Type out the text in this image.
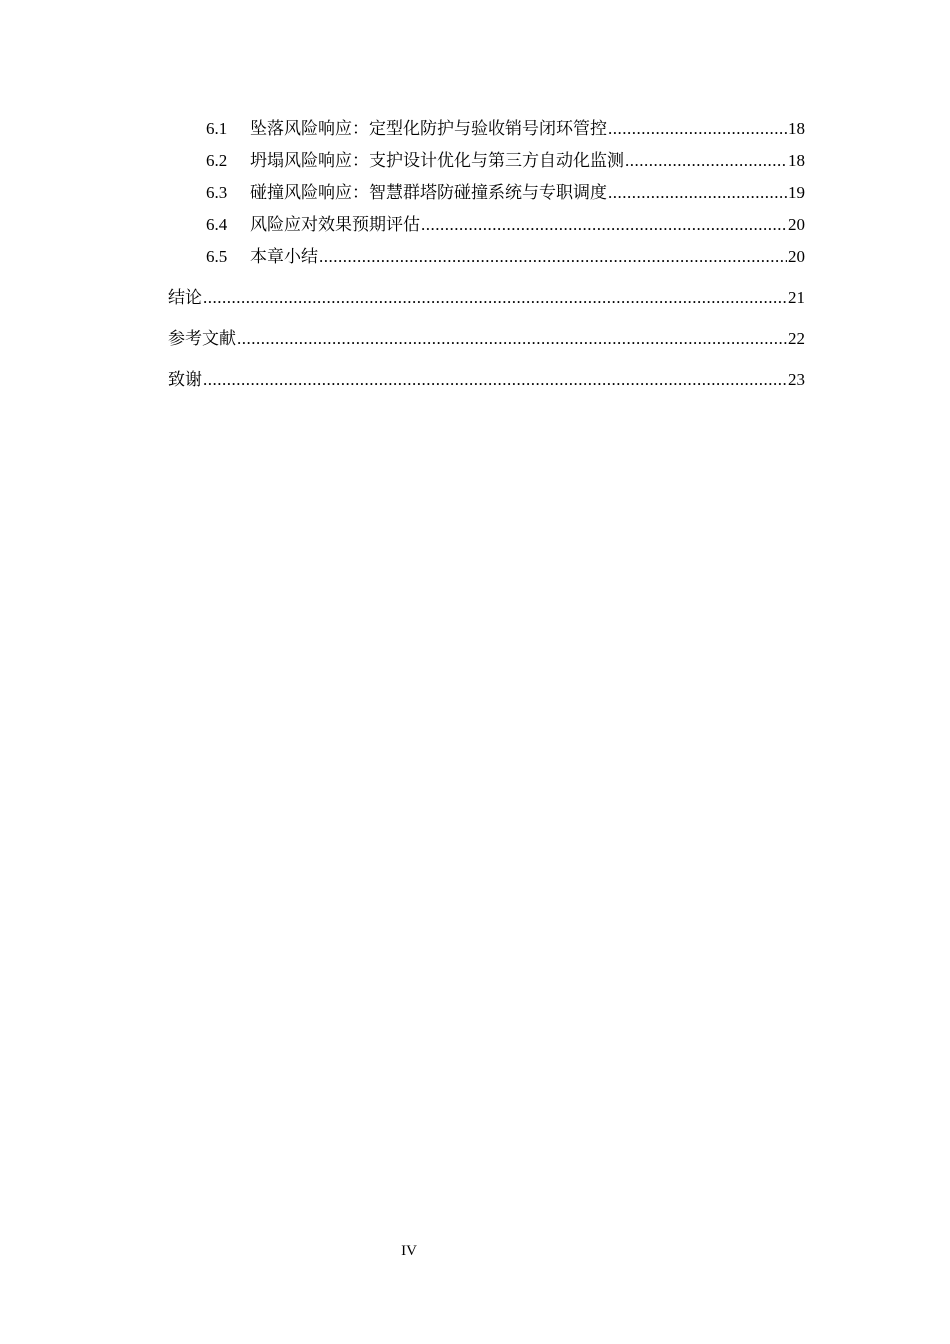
6.1	坠落风险响应：定型化防护与验收销号闭环管控 .....	18
6.2	坍塌风险响应：支护设计优化与第三方自动化监测 .....	18
6.3	碰撞风险响应：智慧群塔防碰撞系统与专职调度 .....	19
6.4	风险应对效果预期评估 .....	20
6.5	本章小结 .....	20
结论 .....	21
参考文献 .....	22
致谢 .....	23
IV
